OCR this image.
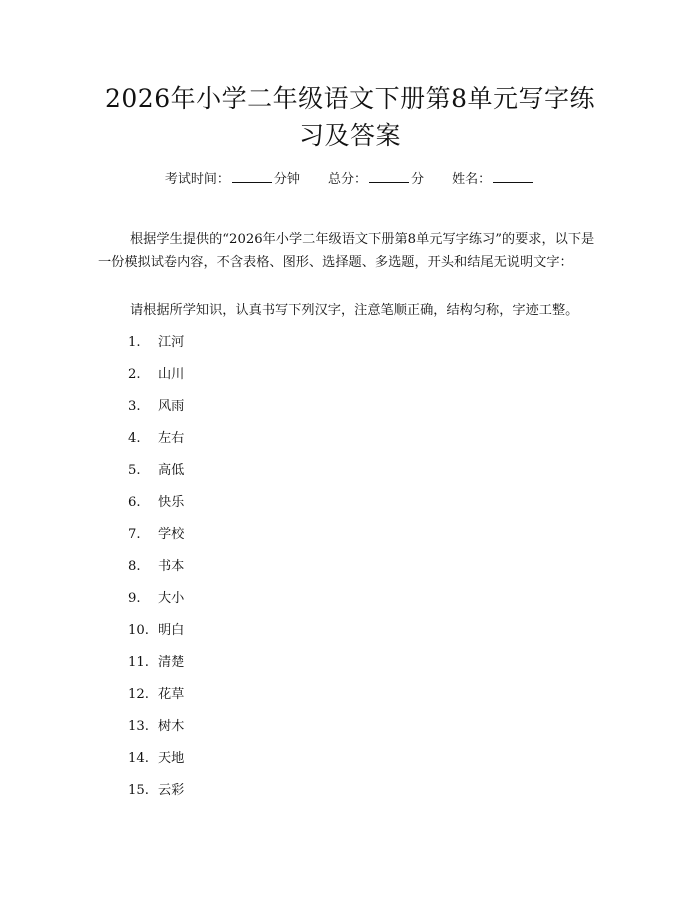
2026年小学二年级语文下册第8单元写字练
习及答案
考试时间：	分钟 总分：	分 姓名：

根据学生提供的“2026年小学二年级语文下册第8单元写字练习”的要求，以下是一份模拟试卷内容，不含表格、图形、选择题、多选题，开头和结尾无说明文字：

请根据所学知识，认真书写下列汉字，注意笔顺正确，结构匀称，字迹工整。

1. 江河
2. 山川
3. 风雨
4. 左右
5. 高低
6. 快乐
7. 学校
8. 书本
9. 大小
10. 明白
11. 清楚
12. 花草
13. 树木
14. 天地
15. 云彩
